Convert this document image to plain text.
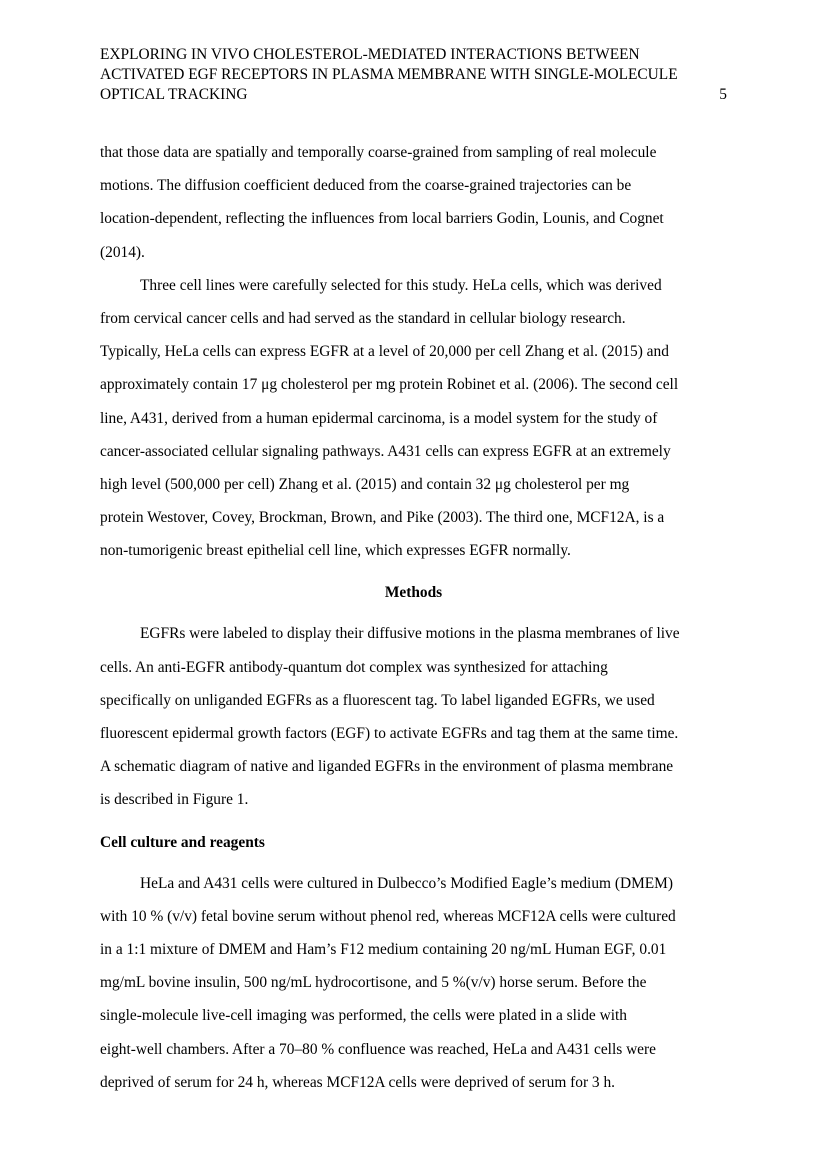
EXPLORING IN VIVO CHOLESTEROL-MEDIATED INTERACTIONS BETWEEN
ACTIVATED EGF RECEPTORS IN PLASMA MEMBRANE WITH SINGLE-MOLECULE
OPTICAL TRACKING	5
that those data are spatially and temporally coarse-grained from sampling of real molecule
motions. The diffusion coefficient deduced from the coarse-grained trajectories can be
location-dependent, reflecting the influences from local barriers Godin, Lounis, and Cognet
(2014).
Three cell lines were carefully selected for this study. HeLa cells, which was derived
from cervical cancer cells and had served as the standard in cellular biology research.
Typically, HeLa cells can express EGFR at a level of 20,000 per cell Zhang et al. (2015) and
approximately contain 17 μg cholesterol per mg protein Robinet et al. (2006). The second cell
line, A431, derived from a human epidermal carcinoma, is a model system for the study of
cancer-associated cellular signaling pathways. A431 cells can express EGFR at an extremely
high level (500,000 per cell) Zhang et al. (2015) and contain 32 μg cholesterol per mg
protein Westover, Covey, Brockman, Brown, and Pike (2003). The third one, MCF12A, is a
non-tumorigenic breast epithelial cell line, which expresses EGFR normally.
Methods
EGFRs were labeled to display their diffusive motions in the plasma membranes of live
cells. An anti-EGFR antibody-quantum dot complex was synthesized for attaching
specifically on unliganded EGFRs as a fluorescent tag. To label liganded EGFRs, we used
fluorescent epidermal growth factors (EGF) to activate EGFRs and tag them at the same time.
A schematic diagram of native and liganded EGFRs in the environment of plasma membrane
is described in Figure 1.
Cell culture and reagents
HeLa and A431 cells were cultured in Dulbecco’s Modified Eagle’s medium (DMEM)
with 10 % (v/v) fetal bovine serum without phenol red, whereas MCF12A cells were cultured
in a 1:1 mixture of DMEM and Ham’s F12 medium containing 20 ng/mL Human EGF, 0.01
mg/mL bovine insulin, 500 ng/mL hydrocortisone, and 5 %(v/v) horse serum. Before the
single-molecule live-cell imaging was performed, the cells were plated in a slide with
eight-well chambers. After a 70–80 % confluence was reached, HeLa and A431 cells were
deprived of serum for 24 h, whereas MCF12A cells were deprived of serum for 3 h.
